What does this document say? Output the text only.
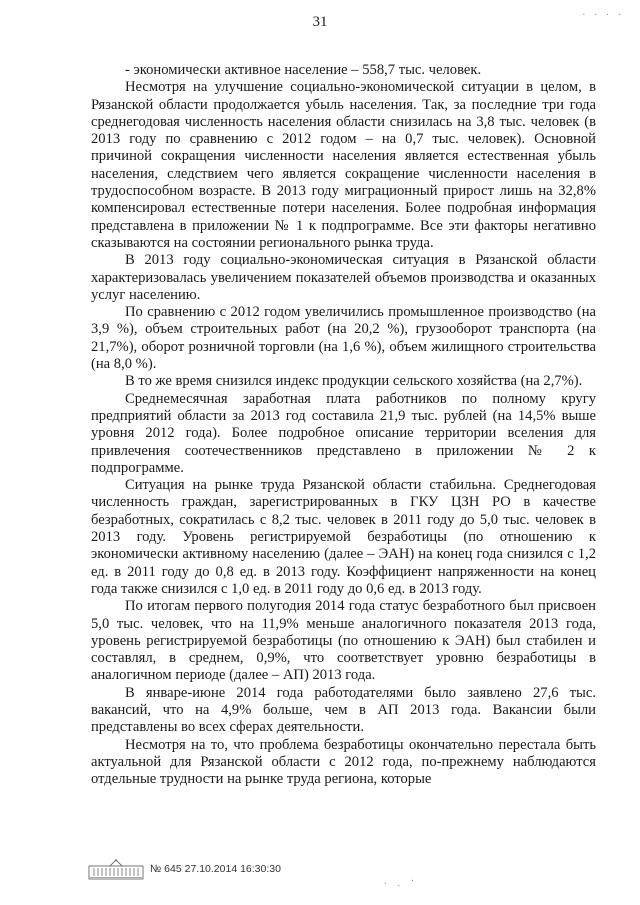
31	· · · ·

- экономически активное население – 558,7 тыс. человек.

Несмотря на улучшение социально-экономической ситуации в целом, в Рязанской области продолжается убыль населения. Так, за последние три года среднегодовая численность населения области снизилась на 3,8 тыс. человек (в 2013 году по сравнению с 2012 годом – на 0,7 тыс. человек). Основной причиной сокращения численности населения является естественная убыль населения, следствием чего является сокращение численности населения в трудоспособном возрасте. В 2013 году миграционный прирост лишь на 32,8% компенсировал естественные потери населения. Более подробная информация представлена в приложении № 1 к подпрограмме. Все эти факторы негативно сказываются на состоянии регионального рынка труда.

В 2013 году социально-экономическая ситуация в Рязанской области характеризовалась увеличением показателей объемов производства и оказанных услуг населению.

По сравнению с 2012 годом увеличились промышленное производство (на 3,9 %), объем строительных работ (на 20,2 %), грузооборот транспорта (на 21,7%), оборот розничной торговли (на 1,6 %), объем жилищного строительства (на 8,0 %).

В то же время снизился индекс продукции сельского хозяйства (на 2,7%).

Среднемесячная заработная плата работников по полному кругу предприятий области за 2013 год составила 21,9 тыс. рублей (на 14,5% выше уровня 2012 года). Более подробное описание территории вселения для привлечения соотечественников представлено в приложении № 2 к подпрограмме.

Ситуация на рынке труда Рязанской области стабильна. Среднегодовая численность граждан, зарегистрированных в ГКУ ЦЗН РО в качестве безработных, сократилась с 8,2 тыс. человек в 2011 году до 5,0 тыс. человек в 2013 году. Уровень регистрируемой безработицы (по отношению к экономически активному населению (далее – ЭАН) на конец года снизился с 1,2 ед. в 2011 году до 0,8 ед. в 2013 году. Коэффициент напряженности на конец года также снизился с 1,0 ед. в 2011 году до 0,6 ед. в 2013 году.

По итогам первого полугодия 2014 года статус безработного был присвоен 5,0 тыс. человек, что на 11,9% меньше аналогичного показателя 2013 года, уровень регистрируемой безработицы (по отношению к ЭАН) был стабилен и составлял, в среднем, 0,9%, что соответствует уровню безработицы в аналогичном периоде (далее – АП) 2013 года.

В январе-июне 2014 года работодателями было заявлено 27,6 тыс. вакансий, что на 4,9% больше, чем в АП 2013 года. Вакансии были представлены во всех сферах деятельности.

Несмотря на то, что проблема безработицы окончательно перестала быть актуальной для Рязанской области с 2012 года, по-прежнему наблюдаются отдельные трудности на рынке труда региона, которые

№ 645 27.10.2014 16:30:30
. ˎ ·
